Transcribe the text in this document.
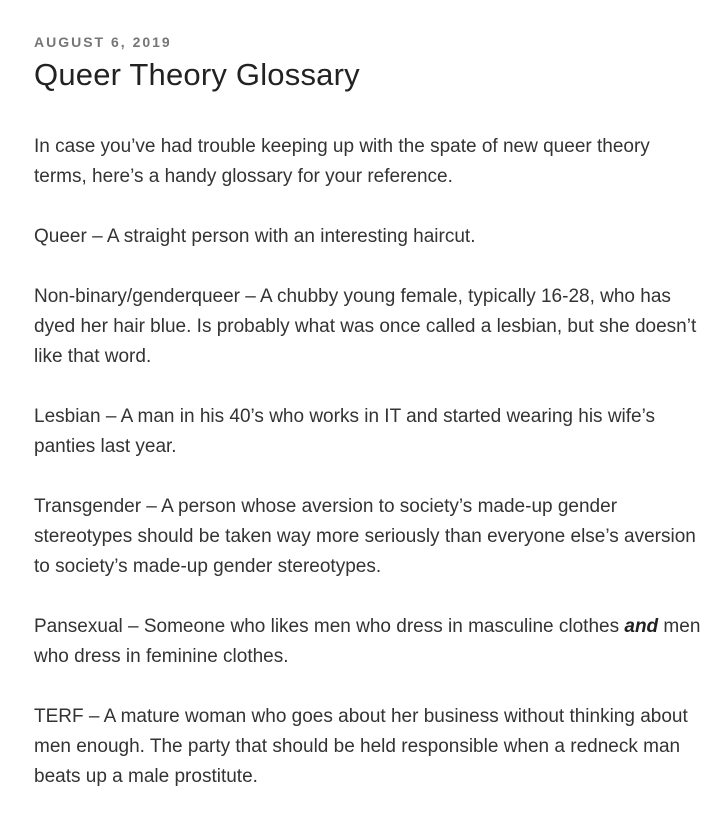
AUGUST 6, 2019
Queer Theory Glossary

In case you’ve had trouble keeping up with the spate of new queer theory terms, here’s a handy glossary for your reference.

Queer – A straight person with an interesting haircut.

Non-binary/genderqueer – A chubby young female, typically 16-28, who has dyed her hair blue. Is probably what was once called a lesbian, but she doesn’t like that word.

Lesbian – A man in his 40’s who works in IT and started wearing his wife’s panties last year.

Transgender – A person whose aversion to society’s made-up gender stereotypes should be taken way more seriously than everyone else’s aversion to society’s made-up gender stereotypes.

Pansexual – Someone who likes men who dress in masculine clothes and men who dress in feminine clothes.

TERF – A mature woman who goes about her business without thinking about men enough. The party that should be held responsible when a redneck man beats up a male prostitute.
